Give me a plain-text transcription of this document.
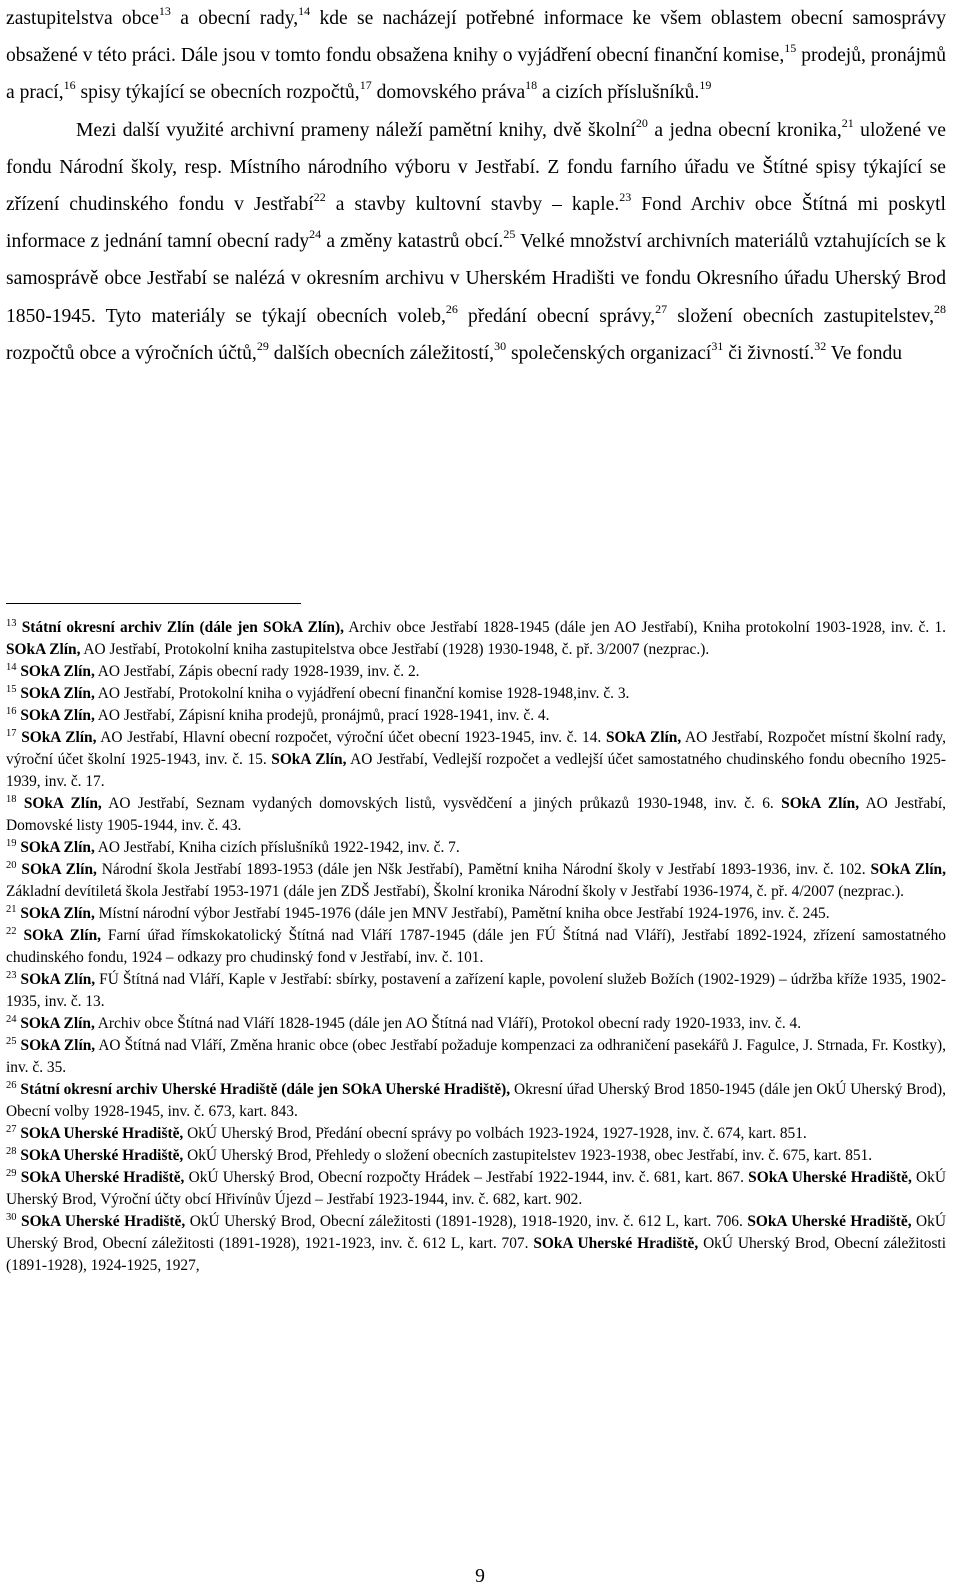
zastupitelstva obce$^{13}$ a obecní rady,$^{14}$ kde se nacházejí potřebné informace ke všem oblastem obecní samosprávy obsažené v této práci. Dále jsou v tomto fondu obsažena knihy o vyjádření obecní finanční komise,$^{15}$ prodejů, pronájmů a prací,$^{16}$ spisy týkající se obecních rozpočtů,$^{17}$ domovského práva$^{18}$ a cizích příslušníků.$^{19}$

Mezi další využité archivní prameny náleží pamětní knihy, dvě školní$^{20}$ a jedna obecní kronika,$^{21}$ uložené ve fondu Národní školy, resp. Místního národního výboru v Jestřabí. Z fondu farního úřadu ve Štítné spisy týkající se zřízení chudinského fondu v Jestřabí$^{22}$ a stavby kultovní stavby – kaple.$^{23}$ Fond Archiv obce Štítná mi poskytl informace z jednání tamní obecní rady$^{24}$ a změny katastrů obcí.$^{25}$ Velké množství archivních materiálů vztahujících se k samosprávě obce Jestřabí se nalézá v okresním archivu v Uherském Hradišti ve fondu Okresního úřadu Uherský Brod 1850-1945. Tyto materiály se týkají obecních voleb,$^{26}$ předání obecní správy,$^{27}$ složení obecních zastupitelstev,$^{28}$ rozpočtů obce a výročních účtů,$^{29}$ dalších obecních záležitostí,$^{30}$ společenských organizací$^{31}$ či živností.$^{32}$ Ve fondu

$^{13}$ Státní okresní archiv Zlín (dále jen SOkA Zlín), Archiv obce Jestřabí 1828-1945 (dále jen AO Jestřabí), Kniha protokolní 1903-1928, inv. č. 1. SOkA Zlín, AO Jestřabí, Protokolní kniha zastupitelstva obce Jestřabí (1928) 1930-1948, č. př. 3/2007 (nezprac.).

$^{14}$ SOkA Zlín, AO Jestřabí, Zápis obecní rady 1928-1939, inv. č. 2.

$^{15}$ SOkA Zlín, AO Jestřabí, Protokolní kniha o vyjádření obecní finanční komise 1928-1948,inv. č. 3.

$^{16}$ SOkA Zlín, AO Jestřabí, Zápisní kniha prodejů, pronájmů, prací 1928-1941, inv. č. 4.

$^{17}$ SOkA Zlín, AO Jestřabí, Hlavní obecní rozpočet, výroční účet obecní 1923-1945, inv. č. 14. SOkA Zlín, AO Jestřabí, Rozpočet místní školní rady, výroční účet školní 1925-1943, inv. č. 15. SOkA Zlín, AO Jestřabí, Vedlejší rozpočet a vedlejší účet samostatného chudinského fondu obecního 1925-1939, inv. č. 17.

$^{18}$ SOkA Zlín, AO Jestřabí, Seznam vydaných domovských listů, vysvědčení a jiných průkazů 1930-1948, inv. č. 6. SOkA Zlín, AO Jestřabí, Domovské listy 1905-1944, inv. č. 43.

$^{19}$ SOkA Zlín, AO Jestřabí, Kniha cizích příslušníků 1922-1942, inv. č. 7.

$^{20}$ SOkA Zlín, Národní škola Jestřabí 1893-1953 (dále jen Nšk Jestřabí), Pamětní kniha Národní školy v Jestřabí 1893-1936, inv. č. 102. SOkA Zlín, Základní devítiletá škola Jestřabí 1953-1971 (dále jen ZDŠ Jestřabí), Školní kronika Národní školy v Jestřabí 1936-1974, č. př. 4/2007 (nezprac.).

$^{21}$ SOkA Zlín, Místní národní výbor Jestřabí 1945-1976 (dále jen MNV Jestřabí), Pamětní kniha obce Jestřabí 1924-1976, inv. č. 245.

$^{22}$ SOkA Zlín, Farní úřad římskokatolický Štítná nad Vláří 1787-1945 (dále jen FÚ Štítná nad Vláří), Jestřabí 1892-1924, zřízení samostatného chudinského fondu, 1924 – odkazy pro chudinský fond v Jestřabí, inv. č. 101.

$^{23}$ SOkA Zlín, FÚ Štítná nad Vláří, Kaple v Jestřabí: sbírky, postavení a zařízení kaple, povolení služeb Božích (1902-1929) – údržba kříže 1935, 1902-1935, inv. č. 13.

$^{24}$ SOkA Zlín, Archiv obce Štítná nad Vláří 1828-1945 (dále jen AO Štítná nad Vláří), Protokol obecní rady 1920-1933, inv. č. 4.

$^{25}$ SOkA Zlín, AO Štítná nad Vláří, Změna hranic obce (obec Jestřabí požaduje kompenzaci za odhraničení pasekářů J. Fagulce, J. Strnada, Fr. Kostky), inv. č. 35.

$^{26}$ Státní okresní archiv Uherské Hradiště (dále jen SOkA Uherské Hradiště), Okresní úřad Uherský Brod 1850-1945 (dále jen OkÚ Uherský Brod), Obecní volby 1928-1945, inv. č. 673, kart. 843.

$^{27}$ SOkA Uherské Hradiště, OkÚ Uherský Brod, Předání obecní správy po volbách 1923-1924, 1927-1928, inv. č. 674, kart. 851.

$^{28}$ SOkA Uherské Hradiště, OkÚ Uherský Brod, Přehledy o složení obecních zastupitelstev 1923-1938, obec Jestřabí, inv. č. 675, kart. 851.

$^{29}$ SOkA Uherské Hradiště, OkÚ Uherský Brod, Obecní rozpočty Hrádek – Jestřabí 1922-1944, inv. č. 681, kart. 867. SOkA Uherské Hradiště, OkÚ Uherský Brod, Výroční účty obcí Hřivínův Újezd – Jestřabí 1923-1944, inv. č. 682, kart. 902.

$^{30}$ SOkA Uherské Hradiště, OkÚ Uherský Brod, Obecní záležitosti (1891-1928), 1918-1920, inv. č. 612 L, kart. 706. SOkA Uherské Hradiště, OkÚ Uherský Brod, Obecní záležitosti (1891-1928), 1921-1923, inv. č. 612 L, kart. 707. SOkA Uherské Hradiště, OkÚ Uherský Brod, Obecní záležitosti (1891-1928), 1924-1925, 1927,

9
